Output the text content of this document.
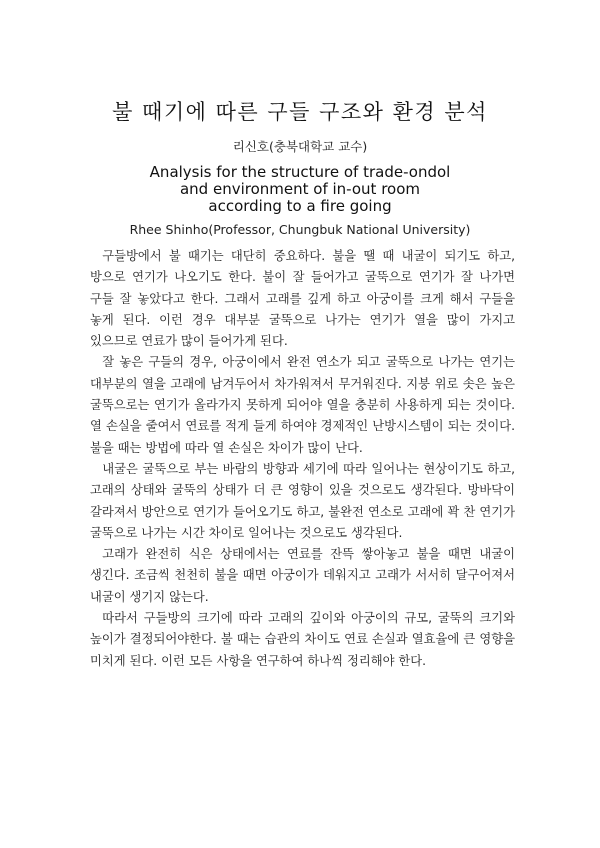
불 때기에 따른 구들 구조와 환경 분석
리신호(충북대학교 교수)
Analysis for the structure of trade-ondol
and environment of in-out room
according to a fire going
Rhee Shinho(Professor, Chungbuk National University)

구들방에서 불 때기는 대단히 중요하다. 불을 땔 때 내굴이 되기도 하고, 방으로 연기가 나오기도 한다. 불이 잘 들어가고 굴뚝으로 연기가 잘 나가면 구들 잘 놓았다고 한다. 그래서 고래를 깊게 하고 아궁이를 크게 해서 구들을 놓게 된다. 이런 경우 대부분 굴뚝으로 나가는 연기가 열을 많이 가지고 있으므로 연료가 많이 들어가게 된다.

잘 놓은 구들의 경우, 아궁이에서 완전 연소가 되고 굴뚝으로 나가는 연기는 대부분의 열을 고래에 남겨두어서 차가워져서 무거워진다. 지붕 위로 솟은 높은 굴뚝으로는 연기가 올라가지 못하게 되어야 열을 충분히 사용하게 되는 것이다. 열 손실을 줄여서 연료를 적게 들게 하여야 경제적인 난방시스템이 되는 것이다. 불을 때는 방법에 따라 열 손실은 차이가 많이 난다.

내굴은 굴뚝으로 부는 바람의 방향과 세기에 따라 일어나는 현상이기도 하고, 고래의 상태와 굴뚝의 상태가 더 큰 영향이 있을 것으로도 생각된다. 방바닥이 갈라져서 방안으로 연기가 들어오기도 하고, 불완전 연소로 고래에 꽉 찬 연기가 굴뚝으로 나가는 시간 차이로 일어나는 것으로도 생각된다.

고래가 완전히 식은 상태에서는 연료를 잔뜩 쌓아놓고 불을 때면 내굴이 생긴다. 조금씩 천천히 불을 때면 아궁이가 데워지고 고래가 서서히 달구어져서 내굴이 생기지 않는다.

따라서 구들방의 크기에 따라 고래의 깊이와 아궁이의 규모, 굴뚝의 크기와 높이가 결정되어야한다. 불 때는 습관의 차이도 연료 손실과 열효율에 큰 영향을 미치게 된다. 이런 모든 사항을 연구하여 하나씩 정리해야 한다.
